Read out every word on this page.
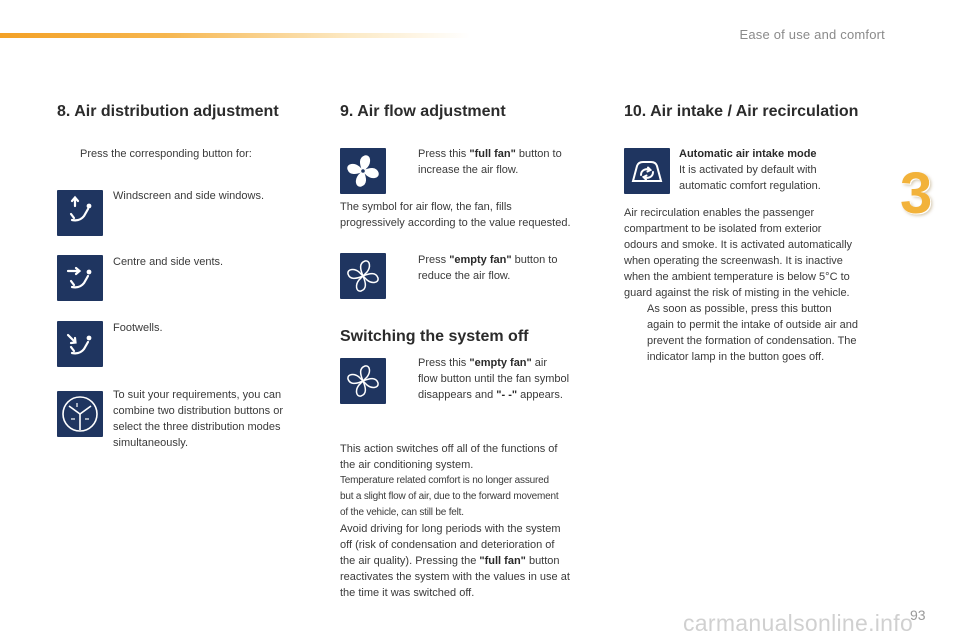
Ease of use and comfort
3
8. Air distribution adjustment
Press the corresponding button for:
Windscreen and side windows.
Centre and side vents.
Footwells.
To suit your requirements, you can
combine two distribution buttons or
select the three distribution modes
simultaneously.
9. Air flow adjustment
Press this "full fan" button to
increase the air flow.
The symbol for air flow, the fan, fills
progressively according to the value requested.
Press "empty fan" button to
reduce the air flow.
Switching the system off
Press this "empty fan" air
flow button until the fan symbol
disappears and "- -" appears.
This action switches off all of the functions of
the air conditioning system.
Temperature related comfort is no longer assured
but a slight flow of air, due to the forward movement
of the vehicle, can still be felt.
Avoid driving for long periods with the system
off (risk of condensation and deterioration of
the air quality). Pressing the "full fan" button
reactivates the system with the values in use at
the time it was switched off.
10. Air intake / Air recirculation
Automatic air intake mode
It is activated by default with
automatic comfort regulation.
Air recirculation enables the passenger
compartment to be isolated from exterior
odours and smoke. It is activated automatically
when operating the screenwash. It is inactive
when the ambient temperature is below 5°C to
guard against the risk of misting in the vehicle.
As soon as possible, press this button
again to permit the intake of outside air and
prevent the formation of condensation. The
indicator lamp in the button goes off.
carmanualsonline.info
93
